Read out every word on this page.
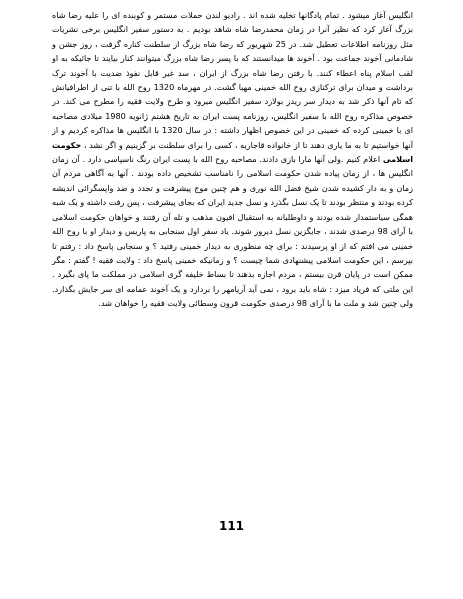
انگلیس آغاز میشود . تمام پادگانها تخلیه شده اند . رادیو لندن حملات مستمر و کوبنده ای را علیه رضا شاه بزرگ آغاز کرد که نظیر آنرا در زمان محمدرضا شاه شاهد بودیم . به دستور سفیر انگلیس برخی نشریات مثل روزنامه اطلاعات تعطیل شد. در 25 شهریور که رضا شاه بزرگ از سلطنت کناره گرفت ، روز جشن و شادمانی آخوند جماعت بود . آخوند ها میدانستند که با پسر رضا شاه بزرگ میتوانند کنار بیایند تا جائیکه به او لقب اسلام پناه اعطاء کنند. با رفتن رضا شاه بزرگ از ایران ، سد غیر قابل نفوذ ضدیت با آخوند ترک برداشت و میدان برای ترکتازی روح الله خمینی مهیا گشت. در مهرماه 1320 روح الله با تنی از اطرافیانش که تام آنها ذکر شد به دیدار سر ریدز بولارد سفیر انگلیس میرود و طرح ولایت فقیه را مطرح می کند. در خصوص مذاکره روح الله با سفیر انگلیس، روزنامه پست ایران به تاریخ هشتم ژانویه 1980 میلادی مصاحبه ای با خمینی کرده که خمینی در این خصوص اظهار داشته : در سال 1320 با انگلیس ها مذاکره کردیم و از آنها خواستیم تا به ما یاری دهند تا از خانواده قاجاریه ، کسی را برای سلطنت بر گزینیم و اگر نشد ، حکومت اسلامی اعلام کنیم .ولی آنها مارا بازی دادند. مصاحبه روح الله با پست ایران رنگ ناسپاسی دارد . آن زمان انگلیس ها ، از زمان پیاده شدن حکومت اسلامی را نامناسب تشخیص داده بودند . آنها به آگاهی مردم آن زمان و به دار کشیده شدن شیخ فضل الله نوری و هم چنین موج پیشرفت و تجدد و ضد واپسگرائی اندیشه کرده بودند و منتظر بودند تا یک نسل بگذرد و نسل جدید ایران که بجای پیشرفت ، پس رفت داشته و یک شبه همگی سیاستمدار شده بودند و داوطلبانه به استقبال افیون مذهب و تله آن رفتند و خواهان حکومت اسلامی با آرای 98 درصدی شدند ، جایگزین نسل دیروز شوند. یاد سفر اول سنجابی به پاریس و دیدار او با روح الله خمینی می افتم که از او پرسیدند : برای چه منظوری به دیدار خمینی رفتید ؟ و سنجابی پاسخ داد : رفتم تا بپرسم ، این حکومت اسلامی پیشنهادی شما چیست ؟ و زمانیکه خمینی پاسخ داد : ولایت فقیه ! گفتم : مگر ممکن است در پایان قرن بیستم ، مردم اجازه بدهند تا بساط خلیفه گری اسلامی در مملکت ما پای بگیرد . این ملتی که فریاد میزد : شاه باید برود ، نمی آید آریامهر را بردارد و یک آخوند عمامه ای سر جایش بگذارد. ولی چنین شد و ملت ما با آرای 98 درصدی حکومت قرون وسطائی ولایت فقیه را خواهان شد.

111
